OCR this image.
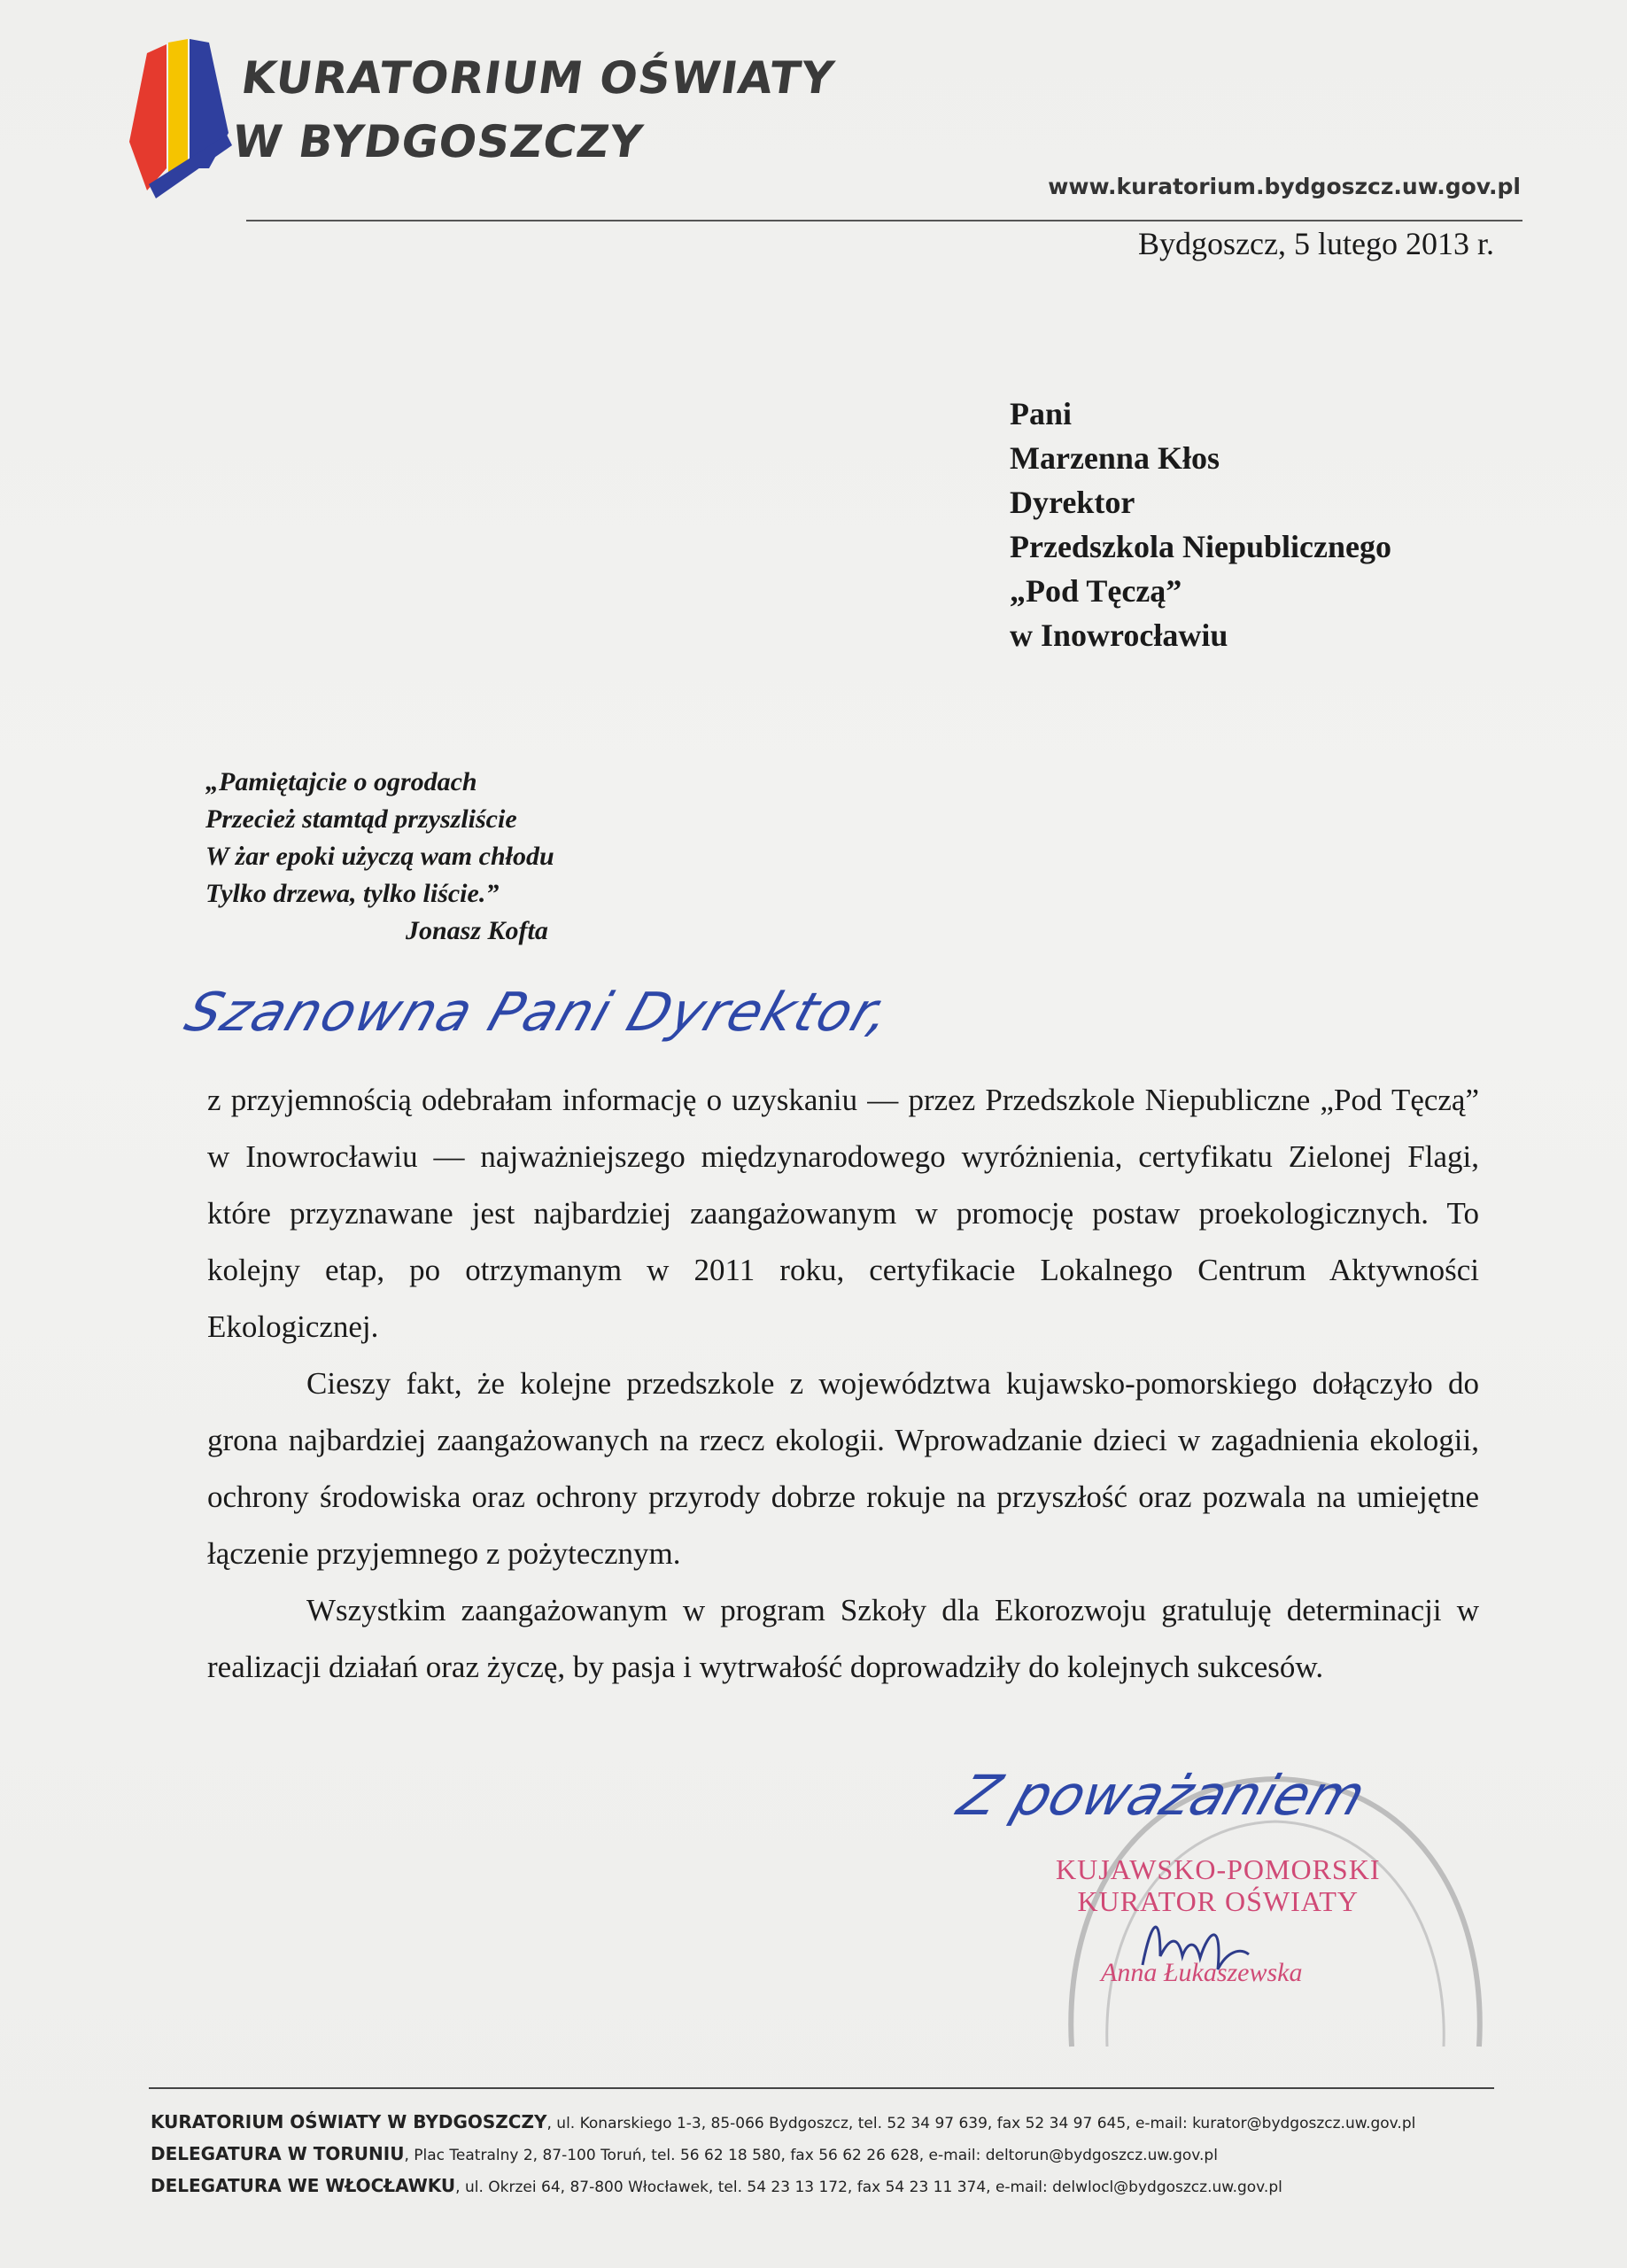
KURATORIUM OŚWIATY
W BYDGOSZCZY
www.kuratorium.bydgoszcz.uw.gov.pl
Bydgoszcz, 5 lutego 2013 r.
Pani
Marzenna Kłos
Dyrektor
Przedszkola Niepublicznego
„Pod Tęczą”
w Inowrocławiu
„Pamiętajcie o ogrodach
Przecież stamtąd przyszliście
W żar epoki użyczą wam chłodu
Tylko drzewa, tylko liście.”
Jonasz Kofta
Szanowna Pani Dyrektor,

z przyjemnością odebrałam informację o uzyskaniu — przez Przedszkole Niepubliczne „Pod Tęczą” w Inowrocławiu — najważniejszego międzynarodowego wyróżnienia, certyfikatu Zielonej Flagi, które przyznawane jest najbardziej zaangażowanym w promocję postaw proekologicznych. To kolejny etap, po otrzymanym w 2011 roku, certyfikacie Lokalnego Centrum Aktywności Ekologicznej.

Cieszy fakt, że kolejne przedszkole z województwa kujawsko-pomorskiego dołączyło do grona najbardziej zaangażowanych na rzecz ekologii. Wprowadzanie dzieci w zagadnienia ekologii, ochrony środowiska oraz ochrony przyrody dobrze rokuje na przyszłość oraz pozwala na umiejętne łączenie przyjemnego z pożytecznym.

Wszystkim zaangażowanym w program Szkoły dla Ekorozwoju gratuluję determinacji w realizacji działań oraz życzę, by pasja i wytrwałość doprowadziły do kolejnych sukcesów.

Z poważaniem
KUJAWSKO-POMORSKI
KURATOR OŚWIATY
Anna Łukaszewska
KURATORIUM OŚWIATY W BYDGOSZCZY, ul. Konarskiego 1-3, 85-066 Bydgoszcz, tel. 52 34 97 639, fax 52 34 97 645, e-mail: kurator@bydgoszcz.uw.gov.pl
DELEGATURA W TORUNIU, Plac Teatralny 2, 87-100 Toruń, tel. 56 62 18 580, fax 56 62 26 628, e-mail: deltorun@bydgoszcz.uw.gov.pl
DELEGATURA WE WŁOCŁAWKU, ul. Okrzei 64, 87-800 Włocławek, tel. 54 23 13 172, fax 54 23 11 374, e-mail: delwlocl@bydgoszcz.uw.gov.pl
